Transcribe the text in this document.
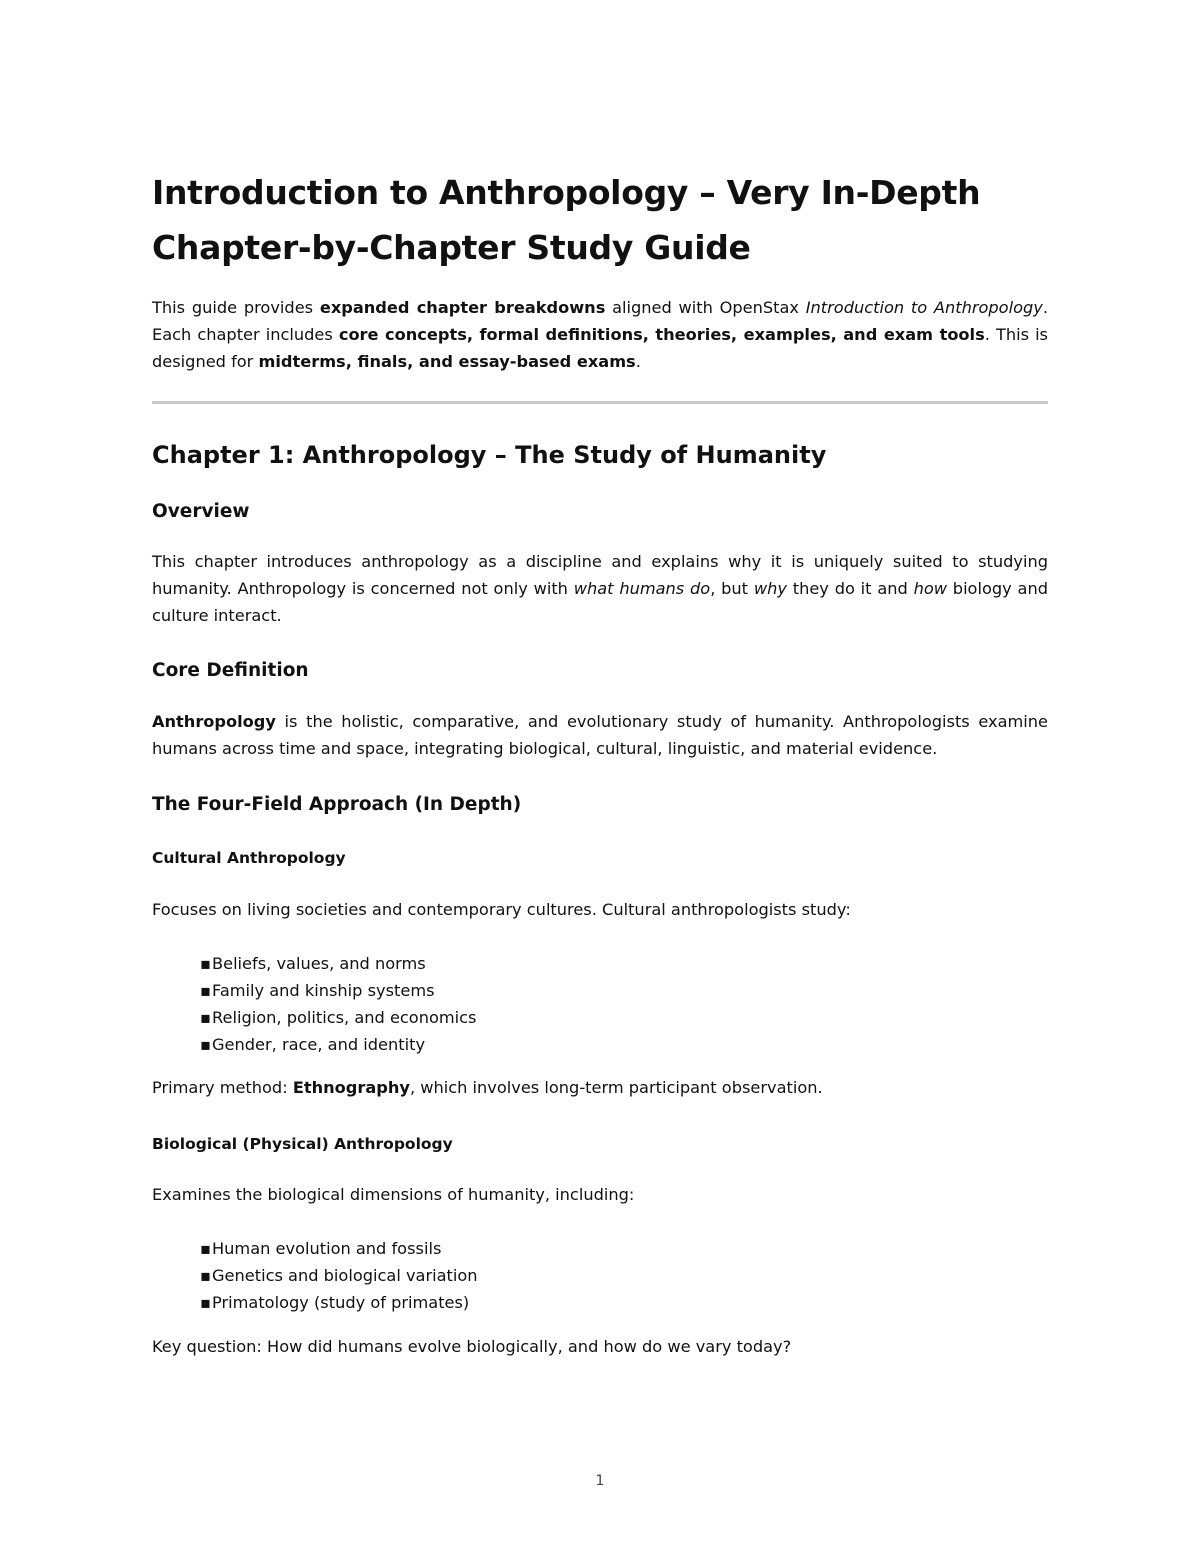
Introduction to Anthropology – Very In-Depth
Chapter-by-Chapter Study Guide

This guide provides expanded chapter breakdowns aligned with OpenStax Introduction to Anthropology. Each chapter includes core concepts, formal definitions, theories, examples, and exam tools. This is designed for midterms, finals, and essay-based exams.

Chapter 1: Anthropology – The Study of Humanity
Overview

This chapter introduces anthropology as a discipline and explains why it is uniquely suited to studying humanity. Anthropology is concerned not only with what humans do, but why they do it and how biology and culture interact.

Core Definition

Anthropology is the holistic, comparative, and evolutionary study of humanity. Anthropologists examine humans across time and space, integrating biological, cultural, linguistic, and material evidence.

The Four-Field Approach (In Depth)
Cultural Anthropology

Focuses on living societies and contemporary cultures. Cultural anthropologists study:

▪Beliefs, values, and norms
▪Family and kinship systems
▪Religion, politics, and economics
▪Gender, race, and identity

Primary method: Ethnography, which involves long-term participant observation.

Biological (Physical) Anthropology

Examines the biological dimensions of humanity, including:

▪Human evolution and fossils
▪Genetics and biological variation
▪Primatology (study of primates)

Key question: How did humans evolve biologically, and how do we vary today?

1
